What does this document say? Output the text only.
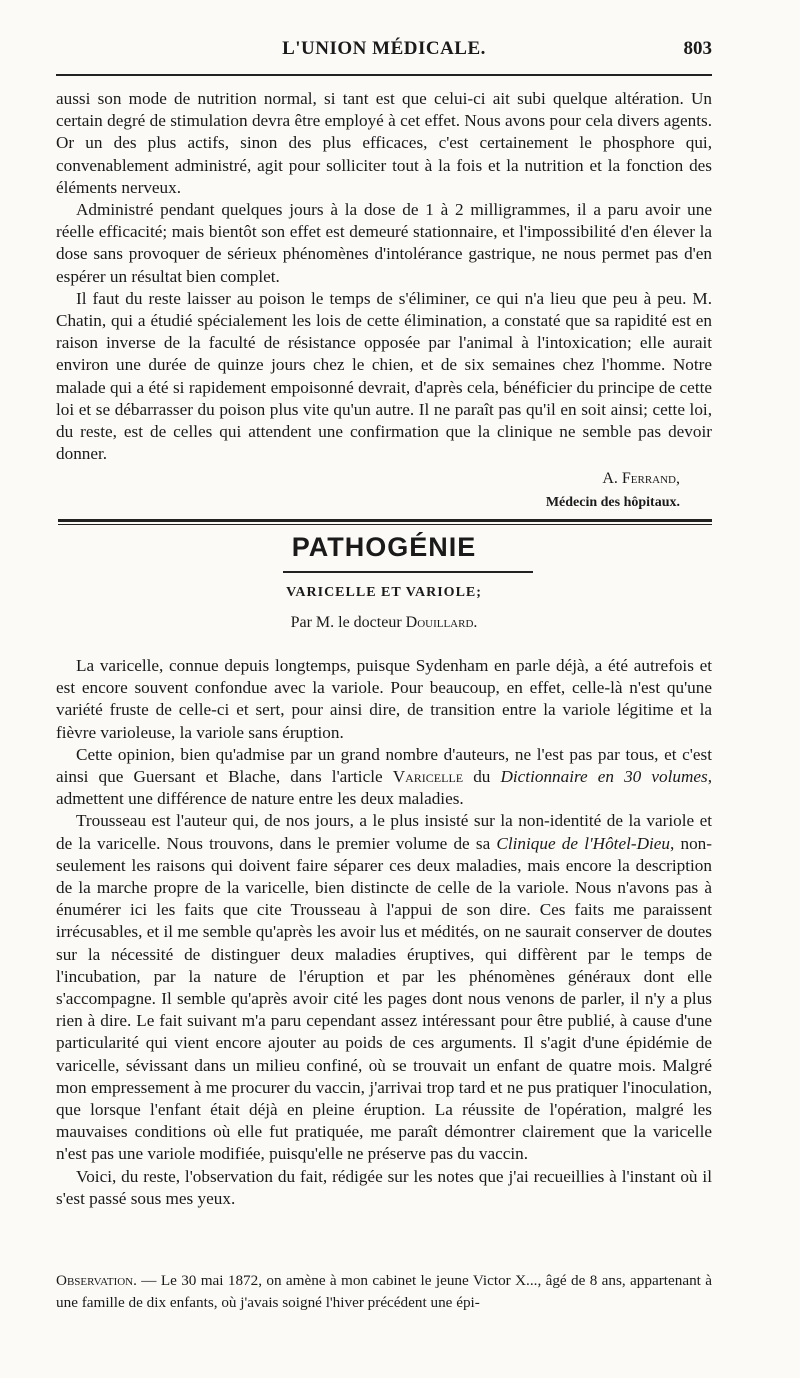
L'UNION MÉDICALE.	803

aussi son mode de nutrition normal, si tant est que celui-ci ait subi quelque altération. Un certain degré de stimulation devra être employé à cet effet. Nous avons pour cela divers agents. Or un des plus actifs, sinon des plus efficaces, c'est certainement le phosphore qui, convenablement administré, agit pour solliciter tout à la fois et la nutrition et la fonction des éléments nerveux.

Administré pendant quelques jours à la dose de 1 à 2 milligrammes, il a paru avoir une réelle efficacité; mais bientôt son effet est demeuré stationnaire, et l'impossibilité d'en élever la dose sans provoquer de sérieux phénomènes d'intolérance gastrique, ne nous permet pas d'en espérer un résultat bien complet.

Il faut du reste laisser au poison le temps de s'éliminer, ce qui n'a lieu que peu à peu. M. Chatin, qui a étudié spécialement les lois de cette élimination, a constaté que sa rapidité est en raison inverse de la faculté de résistance opposée par l'animal à l'intoxication; elle aurait environ une durée de quinze jours chez le chien, et de six semaines chez l'homme. Notre malade qui a été si rapidement empoisonné devrait, d'après cela, bénéficier du principe de cette loi et se débarrasser du poison plus vite qu'un autre. Il ne paraît pas qu'il en soit ainsi; cette loi, du reste, est de celles qui attendent une confirmation que la clinique ne semble pas devoir donner.

A. Ferrand,
Médecin des hôpitaux.
PATHOGÉNIE
VARICELLE ET VARIOLE;
Par M. le docteur Douillard.

La varicelle, connue depuis longtemps, puisque Sydenham en parle déjà, a été autrefois et est encore souvent confondue avec la variole. Pour beaucoup, en effet, celle-là n'est qu'une variété fruste de celle-ci et sert, pour ainsi dire, de transition entre la variole légitime et la fièvre varioleuse, la variole sans éruption.

Cette opinion, bien qu'admise par un grand nombre d'auteurs, ne l'est pas par tous, et c'est ainsi que Guersant et Blache, dans l'article Varicelle du Dictionnaire en 30 volumes, admettent une différence de nature entre les deux maladies.

Trousseau est l'auteur qui, de nos jours, a le plus insisté sur la non-identité de la variole et de la varicelle. Nous trouvons, dans le premier volume de sa Clinique de l'Hôtel-Dieu, non-seulement les raisons qui doivent faire séparer ces deux maladies, mais encore la description de la marche propre de la varicelle, bien distincte de celle de la variole. Nous n'avons pas à énumérer ici les faits que cite Trousseau à l'appui de son dire. Ces faits me paraissent irrécusables, et il me semble qu'après les avoir lus et médités, on ne saurait conserver de doutes sur la nécessité de distinguer deux maladies éruptives, qui diffèrent par le temps de l'incubation, par la nature de l'éruption et par les phénomènes généraux dont elle s'accompagne. Il semble qu'après avoir cité les pages dont nous venons de parler, il n'y a plus rien à dire. Le fait suivant m'a paru cependant assez intéressant pour être publié, à cause d'une particularité qui vient encore ajouter au poids de ces arguments. Il s'agit d'une épidémie de varicelle, sévissant dans un milieu confiné, où se trouvait un enfant de quatre mois. Malgré mon empressement à me procurer du vaccin, j'arrivai trop tard et ne pus pratiquer l'inoculation, que lorsque l'enfant était déjà en pleine éruption. La réussite de l'opération, malgré les mauvaises conditions où elle fut pratiquée, me paraît démontrer clairement que la varicelle n'est pas une variole modifiée, puisqu'elle ne préserve pas du vaccin.

Voici, du reste, l'observation du fait, rédigée sur les notes que j'ai recueillies à l'instant où il s'est passé sous mes yeux.

Observation. — Le 30 mai 1872, on amène à mon cabinet le jeune Victor X..., âgé de 8 ans, appartenant à une famille de dix enfants, où j'avais soigné l'hiver précédent une épi-
